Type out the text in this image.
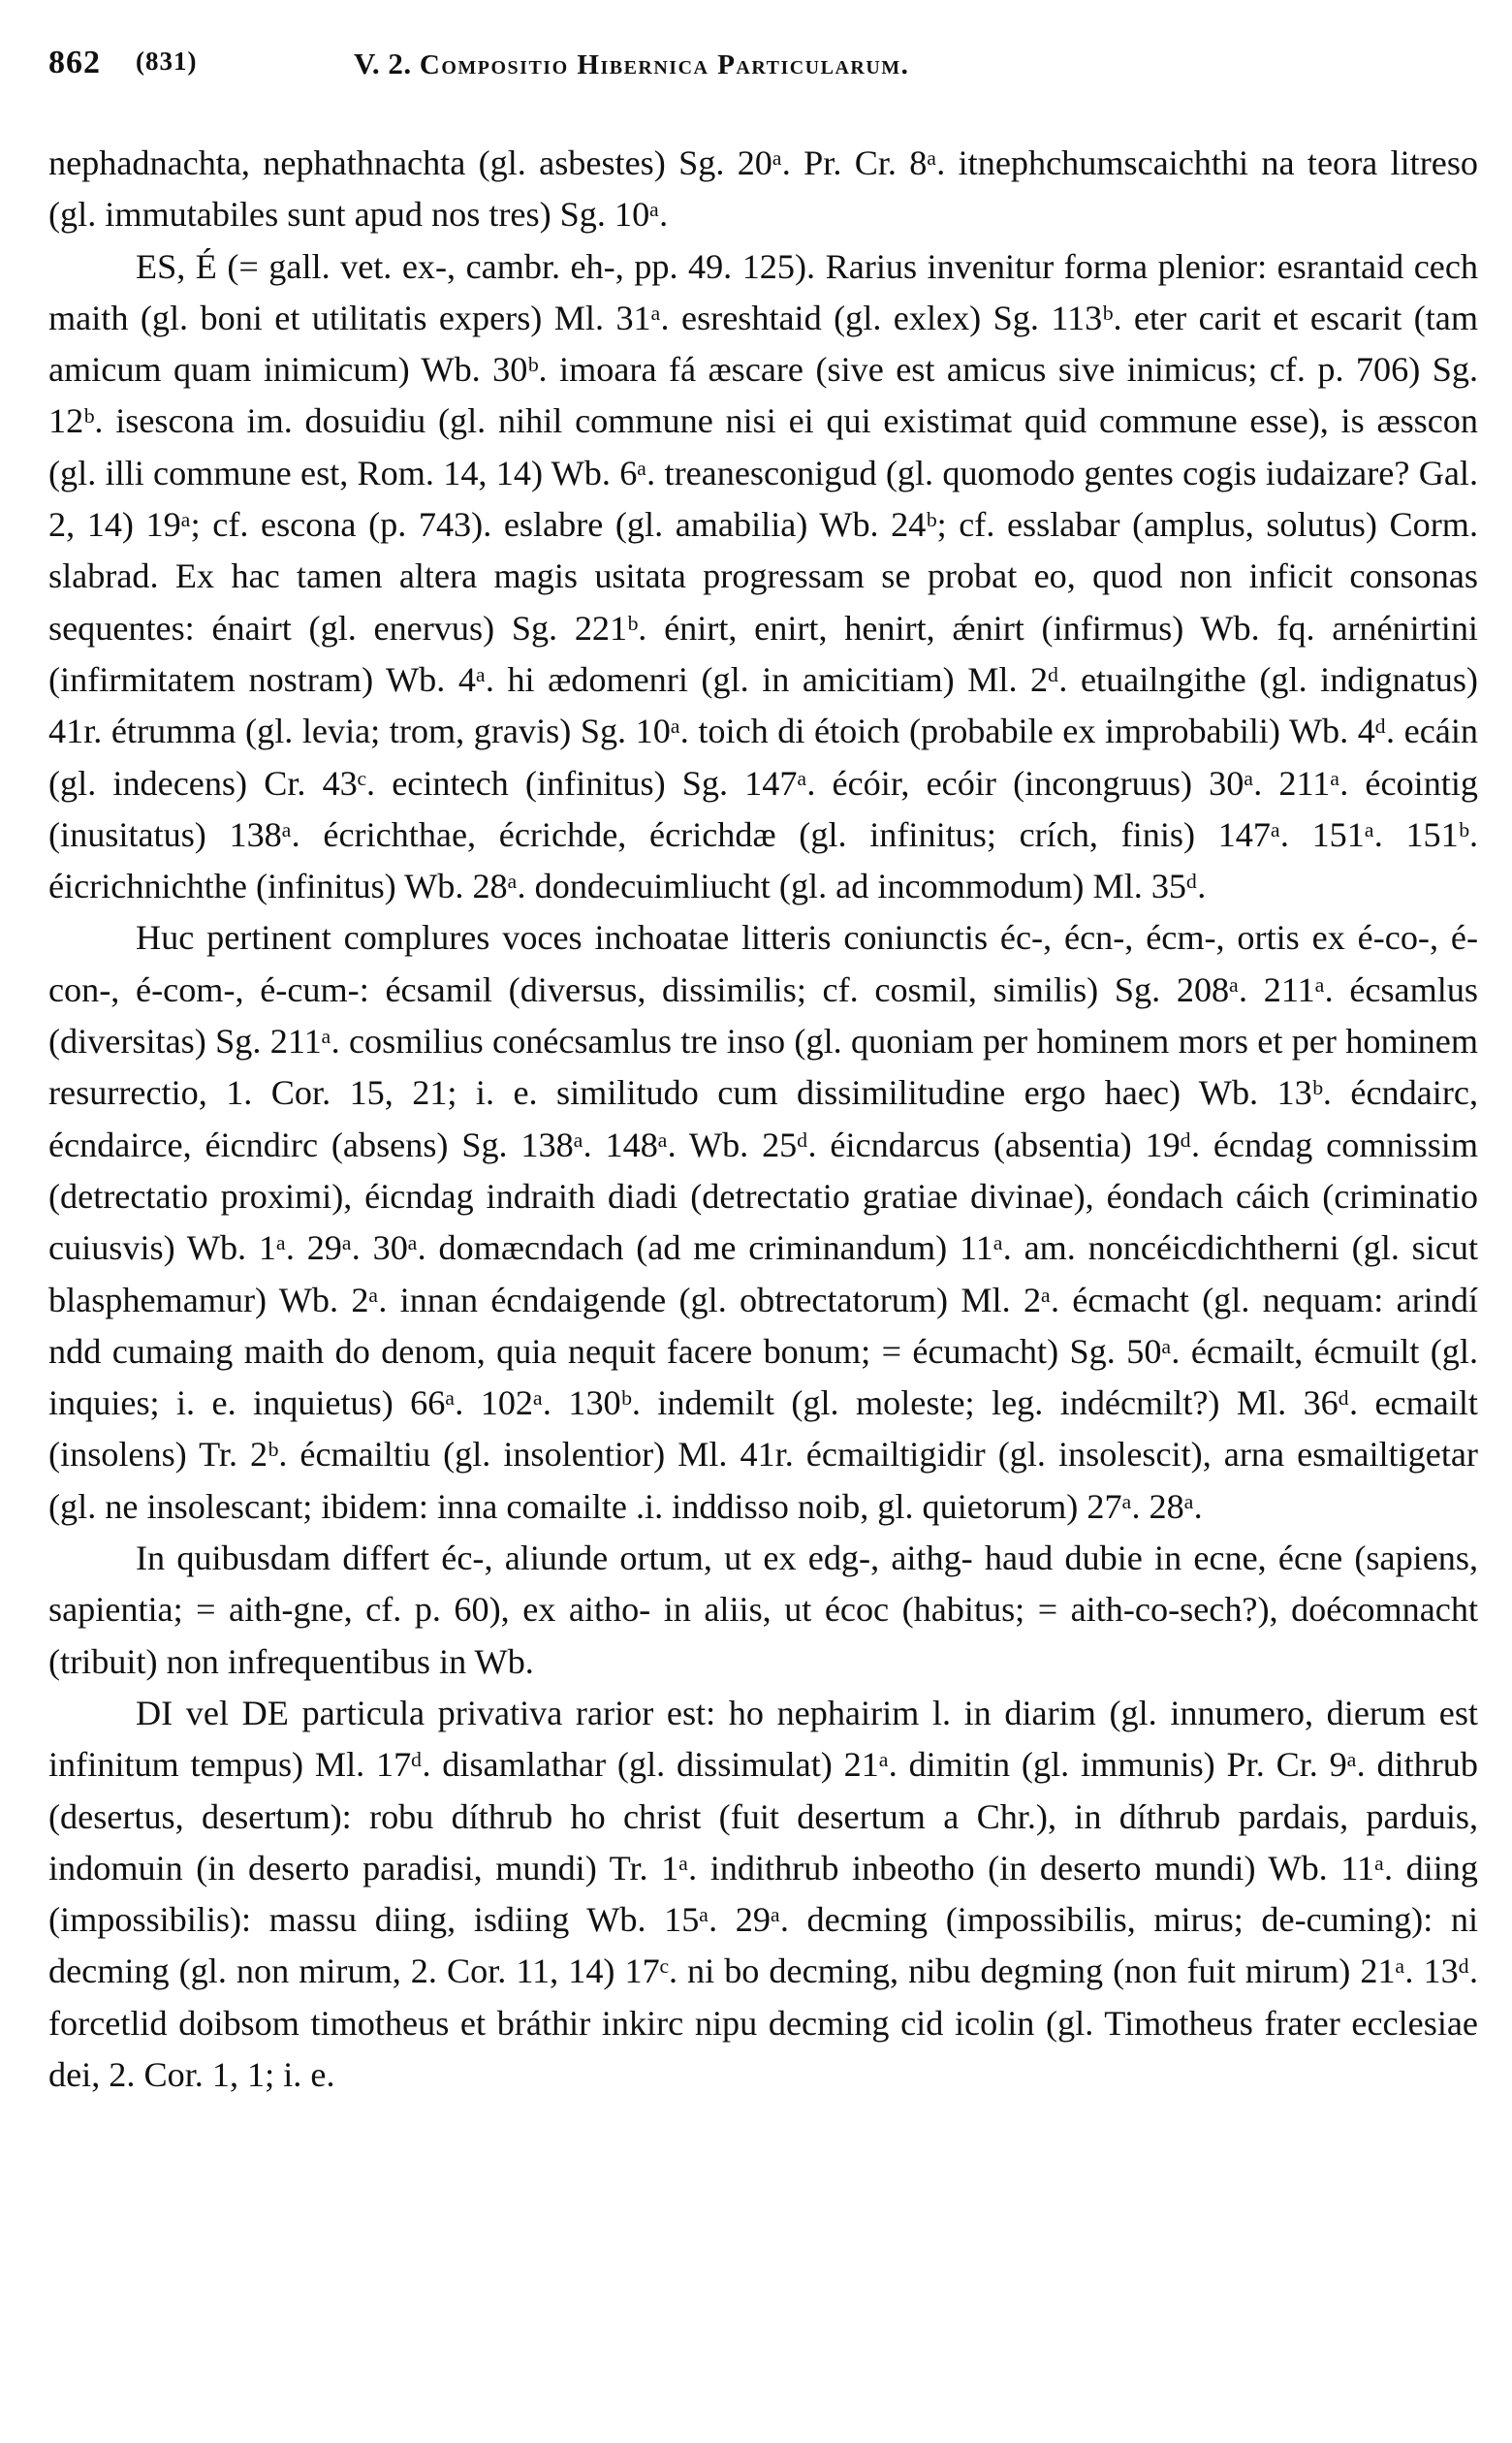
862 (831)	V. 2. Compositio Hibernica Particularum.

nephadnachta, nephathnachta (gl. asbestes) Sg. 20ᵃ. Pr. Cr. 8ᵃ. itnephchumscaichthi na teora litreso (gl. immutabiles sunt apud nos tres) Sg. 10ᵃ.

ES, É (= gall. vet. ex-, cambr. eh-, pp. 49. 125). Rarius invenitur forma plenior: esrantaid cech maith (gl. boni et utilitatis expers) Ml. 31ᵃ. esreshtaid (gl. exlex) Sg. 113ᵇ. eter carit et escarit (tam amicum quam inimicum) Wb. 30ᵇ. imoara fá æscare (sive est amicus sive inimicus; cf. p. 706) Sg. 12ᵇ. isescona im. dosuidiu (gl. nihil commune nisi ei qui existimat quid commune esse), is æsscon (gl. illi commune est, Rom. 14, 14) Wb. 6ᵃ. treanesconigud (gl. quomodo gentes cogis iudaizare? Gal. 2, 14) 19ᵃ; cf. escona (p. 743). eslabre (gl. amabilia) Wb. 24ᵇ; cf. esslabar (amplus, solutus) Corm. slabrad. Ex hac tamen altera magis usitata progressam se probat eo, quod non inficit consonas sequentes: énairt (gl. enervus) Sg. 221ᵇ. énirt, enirt, henirt, ǽnirt (infirmus) Wb. fq. arnénirtini (infirmitatem nostram) Wb. 4ᵃ. hi ædomenri (gl. in amicitiam) Ml. 2ᵈ. etuailngithe (gl. indignatus) 41r. étrumma (gl. levia; trom, gravis) Sg. 10ᵃ. toich di étoich (probabile ex improbabili) Wb. 4ᵈ. ecáin (gl. indecens) Cr. 43ᶜ. ecintech (infinitus) Sg. 147ᵃ. écóir, ecóir (incongruus) 30ᵃ. 211ᵃ. écointig (inusitatus) 138ᵃ. écrichthae, écrichde, écrichdæ (gl. infinitus; crích, finis) 147ᵃ. 151ᵃ. 151ᵇ. éicrichnichthe (infinitus) Wb. 28ᵃ. dondecuimliucht (gl. ad incommodum) Ml. 35ᵈ.

Huc pertinent complures voces inchoatae litteris coniunctis éc-, écn-, écm-, ortis ex é-co-, é-con-, é-com-, é-cum-: écsamil (diversus, dissimilis; cf. cosmil, similis) Sg. 208ᵃ. 211ᵃ. écsamlus (diversitas) Sg. 211ᵃ. cosmilius conécsamlus tre inso (gl. quoniam per hominem mors et per hominem resurrectio, 1. Cor. 15, 21; i. e. similitudo cum dissimilitudine ergo haec) Wb. 13ᵇ. écndairc, écndairce, éicndirc (absens) Sg. 138ᵃ. 148ᵃ. Wb. 25ᵈ. éicndarcus (absentia) 19ᵈ. écndag comnissim (detrectatio proximi), éicndag indraith diadi (detrectatio gratiae divinae), éondach cáich (criminatio cuiusvis) Wb. 1ᵃ. 29ᵃ. 30ᵃ. domæcndach (ad me criminandum) 11ᵃ. am. noncéicdichtherni (gl. sicut blasphemamur) Wb. 2ᵃ. innan écndaigende (gl. obtrectatorum) Ml. 2ᵃ. écmacht (gl. nequam: arindí ndd cumaing maith do denom, quia nequit facere bonum; = écumacht) Sg. 50ᵃ. écmailt, écmuilt (gl. inquies; i. e. inquietus) 66ᵃ. 102ᵃ. 130ᵇ. indemilt (gl. moleste; leg. indécmilt?) Ml. 36ᵈ. ecmailt (insolens) Tr. 2ᵇ. écmailtiu (gl. insolentior) Ml. 41r. écmailtigidir (gl. insolescit), arna esmailtigetar (gl. ne insolescant; ibidem: inna comailte .i. inddisso noib, gl. quietorum) 27ᵃ. 28ᵃ.

In quibusdam differt éc-, aliunde ortum, ut ex edg-, aithg- haud dubie in ecne, écne (sapiens, sapientia; = aith-gne, cf. p. 60), ex aitho- in aliis, ut écoc (habitus; = aith-co-sech?), doécomnacht (tribuit) non infrequentibus in Wb.

DI vel DE particula privativa rarior est: ho nephairim l. in diarim (gl. innumero, dierum est infinitum tempus) Ml. 17ᵈ. disamlathar (gl. dissimulat) 21ᵃ. dimitin (gl. immunis) Pr. Cr. 9ᵃ. dithrub (desertus, desertum): robu díthrub ho christ (fuit desertum a Chr.), in díthrub pardais, parduis, indomuin (in deserto paradisi, mundi) Tr. 1ᵃ. indithrub inbeotho (in deserto mundi) Wb. 11ᵃ. diing (impossibilis): massu diing, isdiing Wb. 15ᵃ. 29ᵃ. decming (impossibilis, mirus; de-cuming): ni decming (gl. non mirum, 2. Cor. 11, 14) 17ᶜ. ni bo decming, nibu degming (non fuit mirum) 21ᵃ. 13ᵈ. forcetlid doibsom timotheus et bráthir inkirc nipu decming cid icolin (gl. Timotheus frater ecclesiae dei, 2. Cor. 1, 1; i. e.
